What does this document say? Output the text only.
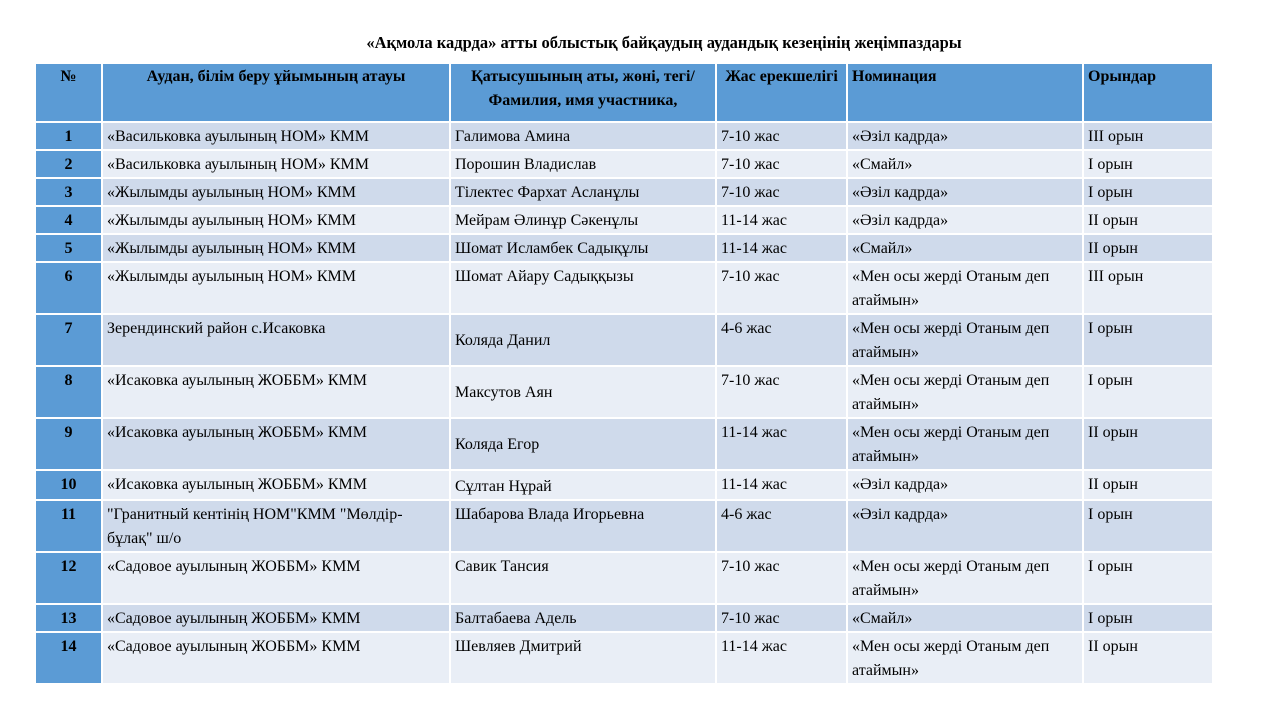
«Ақмола кадрда» атты облыстық байқаудың аудандық кезеңінің жеңімпаздары
№	Аудан, білім беру ұйымының атауы	Қатысушының аты, жөні, тегі/Фамилия, имя участника,	Жас ерекшелігі	Номинация	Орындар
1	«Васильковка ауылының НОМ» КММ	Галимова Амина	7-10 жас	«Әзіл кадрда»	ІІІ орын
2	«Васильковка ауылының НОМ» КММ	Порошин Владислав	7-10 жас	«Смайл»	І орын
3	«Жылымды ауылының НОМ» КММ	Тілектес Фархат Асланұлы	7-10 жас	«Әзіл кадрда»	І орын
4	«Жылымды ауылының НОМ» КММ	Мейрам Әлинұр Сәкенұлы	11-14 жас	«Әзіл кадрда»	ІІ орын
5	«Жылымды ауылының НОМ» КММ	Шомат Исламбек Садықұлы	11-14 жас	«Смайл»	ІІ орын
6	«Жылымды ауылының НОМ» КММ	Шомат Айару Садыққызы	7-10 жас	«Мен осы жерді Отаным деп атаймын»	ІІІ орын
7	Зерендинский район с.Исаковка	Коляда Данил	4-6 жас	«Мен осы жерді Отаным деп атаймын»	І орын
8	«Исаковка ауылының ЖОББМ» КММ	Максутов Аян	7-10 жас	«Мен осы жерді Отаным деп атаймын»	І орын
9	«Исаковка ауылының ЖОББМ» КММ	Коляда Егор	11-14 жас	«Мен осы жерді Отаным деп атаймын»	ІІ орын
10	«Исаковка ауылының ЖОББМ» КММ	Сұлтан Нұрай	11-14 жас	«Әзіл кадрда»	ІІ орын
11	"Гранитный кентінің НОМ"КММ "Мөлдір-бұлақ" ш/о	Шабарова Влада Игорьевна	4-6 жас	«Әзіл кадрда»	І орын
12	«Садовое ауылының ЖОББМ» КММ	Савик Тансия	7-10 жас	«Мен осы жерді Отаным деп атаймын»	І орын
13	«Садовое ауылының ЖОББМ» КММ	Балтабаева Адель	7-10 жас	«Смайл»	І орын
14	«Садовое ауылының ЖОББМ» КММ	Шевляев Дмитрий	11-14 жас	«Мен осы жерді Отаным деп атаймын»	ІІ орын
